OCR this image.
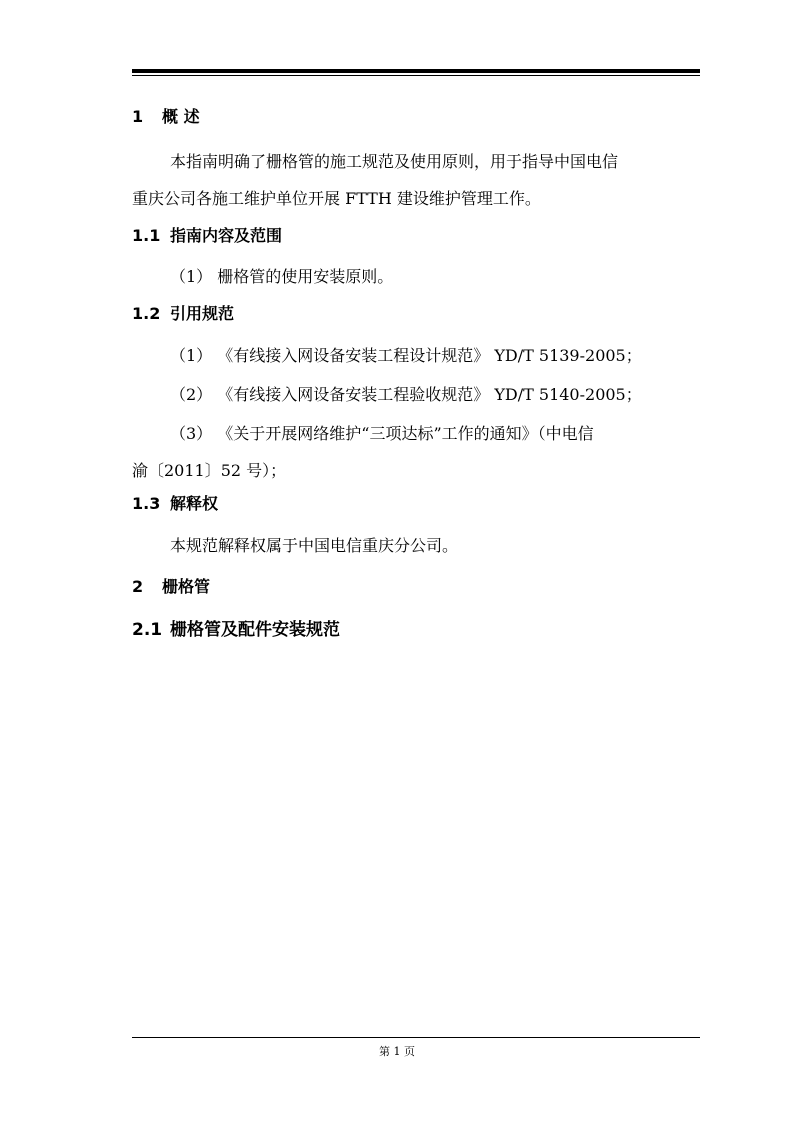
1 概 述
本指南明确了栅格管的施工规范及使用原则，用于指导中国电信
重庆公司各施工维护单位开展 FTTH 建设维护管理工作。
1.1 指南内容及范围
（1） 栅格管的使用安装原则。
1.2 引用规范
（1） 《有线接入网设备安装工程设计规范》 YD/T 5139-2005；
（2） 《有线接入网设备安装工程验收规范》 YD/T 5140-2005；
（3） 《关于开展网络维护“三项达标”工作的通知》（中电信
渝〔2011〕52 号）；
1.3 解释权
本规范解释权属于中国电信重庆分公司。
2 栅格管
2.1 栅格管及配件安装规范
第 1 页
